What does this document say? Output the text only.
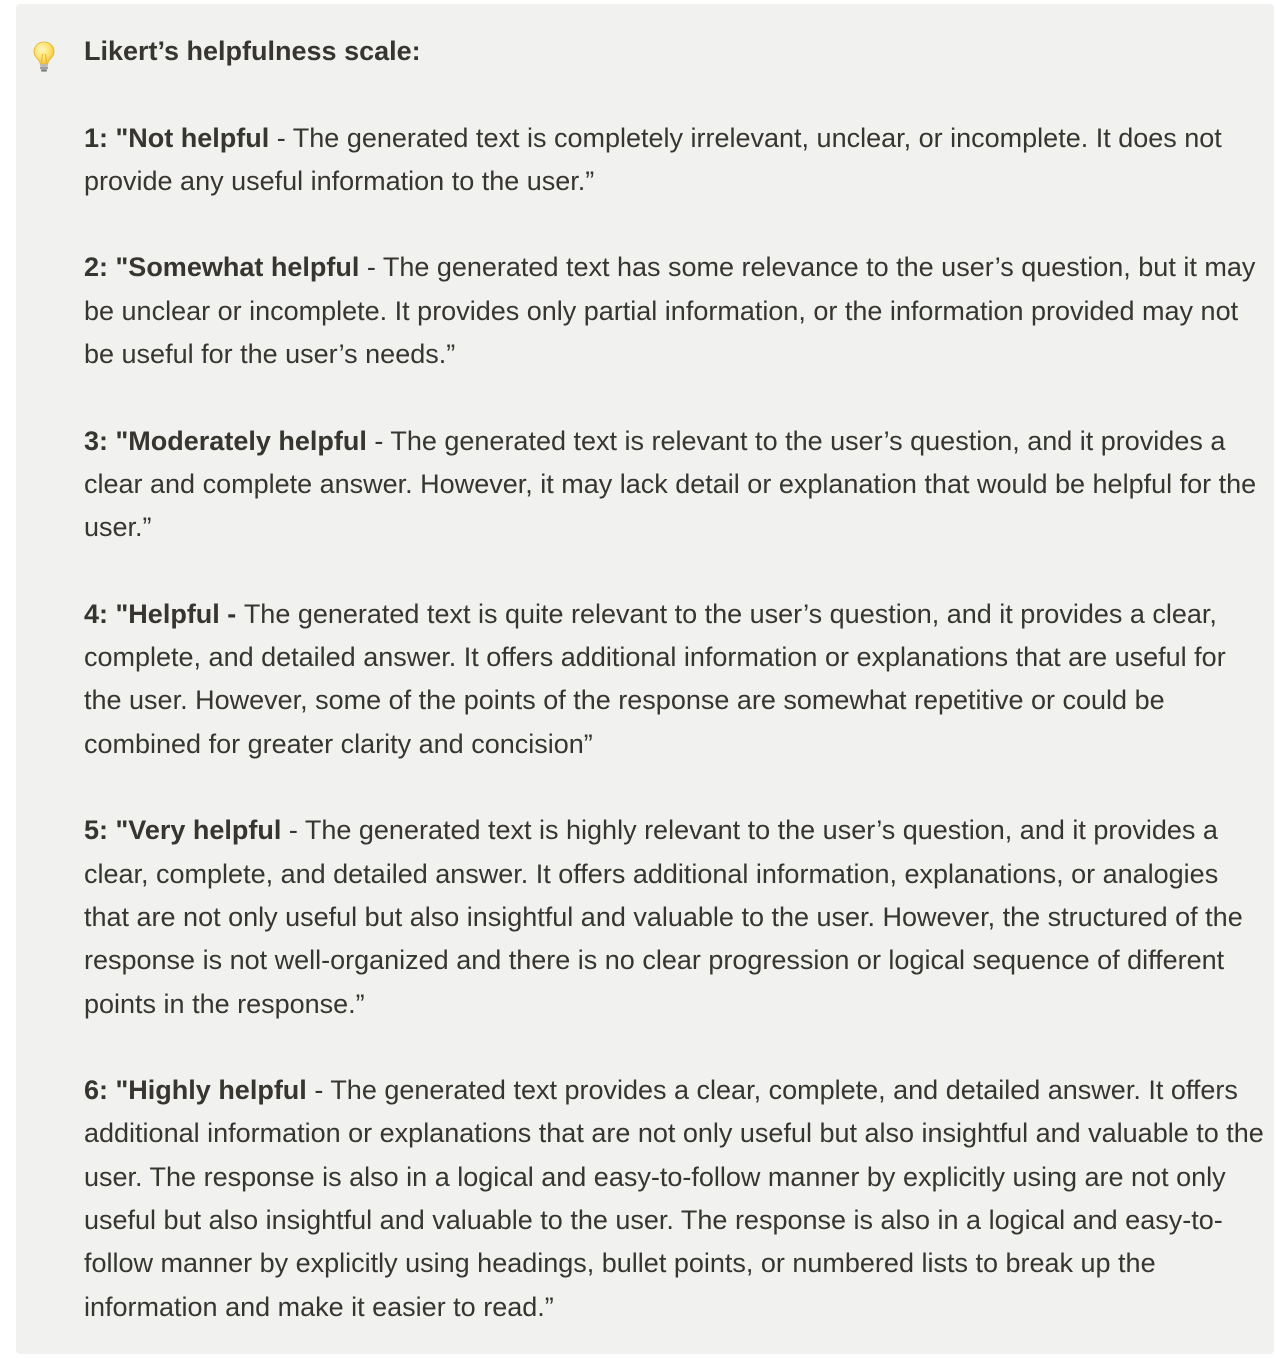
Likert’s helpfulness scale:

1: "Not helpful - The generated text is completely irrelevant, unclear, or incomplete. It does not provide any useful information to the user.”

2: "Somewhat helpful - The generated text has some relevance to the user’s question, but it may be unclear or incomplete. It provides only partial information, or the information provided may not be useful for the user’s needs.”

3: "Moderately helpful - The generated text is relevant to the user’s question, and it provides a clear and complete answer. However, it may lack detail or explanation that would be helpful for the user.”

4: "Helpful - The generated text is quite relevant to the user’s question, and it provides a clear, complete, and detailed answer. It offers additional information or explanations that are useful for the user. However, some of the points of the response are somewhat repetitive or could be combined for greater clarity and concision”

5: "Very helpful - The generated text is highly relevant to the user’s question, and it provides a clear, complete, and detailed answer. It offers additional information, explanations, or analogies that are not only useful but also insightful and valuable to the user. However, the structured of the response is not well-organized and there is no clear progression or logical sequence of different points in the response.”

6: "Highly helpful - The generated text provides a clear, complete, and detailed answer. It offers additional information or explanations that are not only useful but also insightful and valuable to the user. The response is also in a logical and easy-to-follow manner by explicitly using are not only useful but also insightful and valuable to the user. The response is also in a logical and easy-to-follow manner by explicitly using headings, bullet points, or numbered lists to break up the information and make it easier to read.”
